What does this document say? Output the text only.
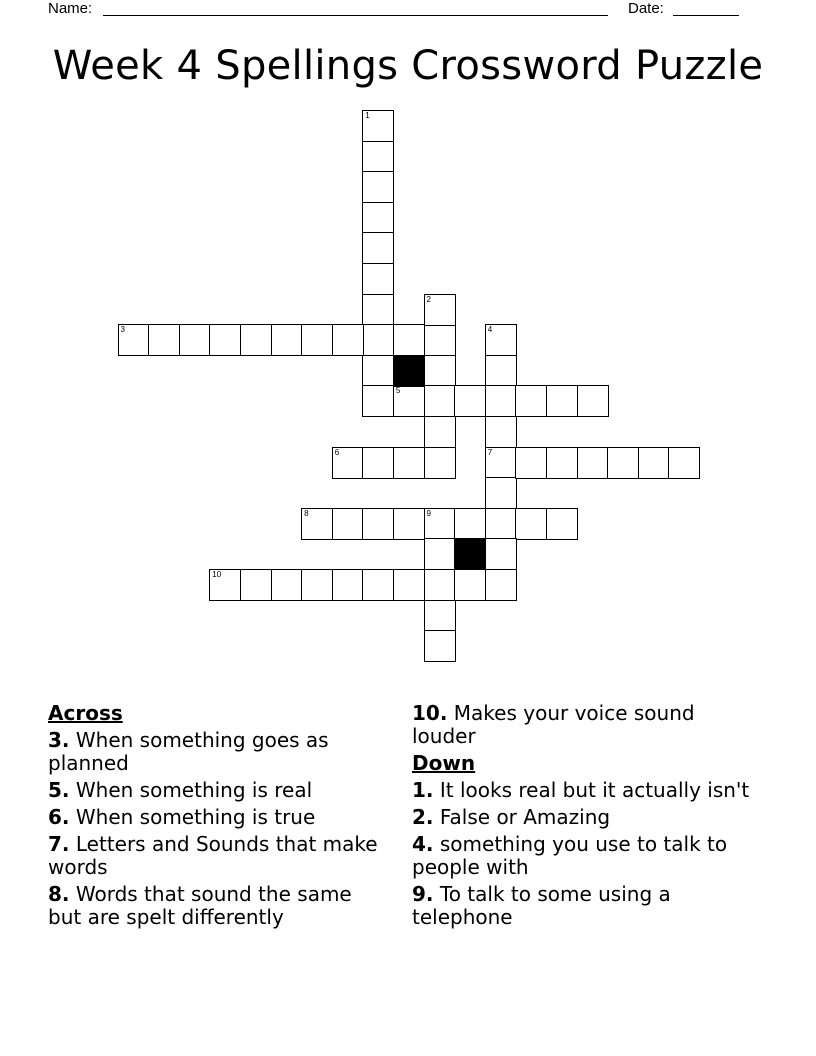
Name:	Date:
Week 4 Spellings Crossword Puzzle
1
3
2
4
7
5
6
8	9
10
Across
3. When something goes as planned
5. When something is real
6. When something is true
7. Letters and Sounds that make words
8. Words that sound the same but are spelt differently
10. Makes your voice sound louder
Down
1. It looks real but it actually isn't
2. False or Amazing
4. something you use to talk to people with
9. To talk to some using a telephone
